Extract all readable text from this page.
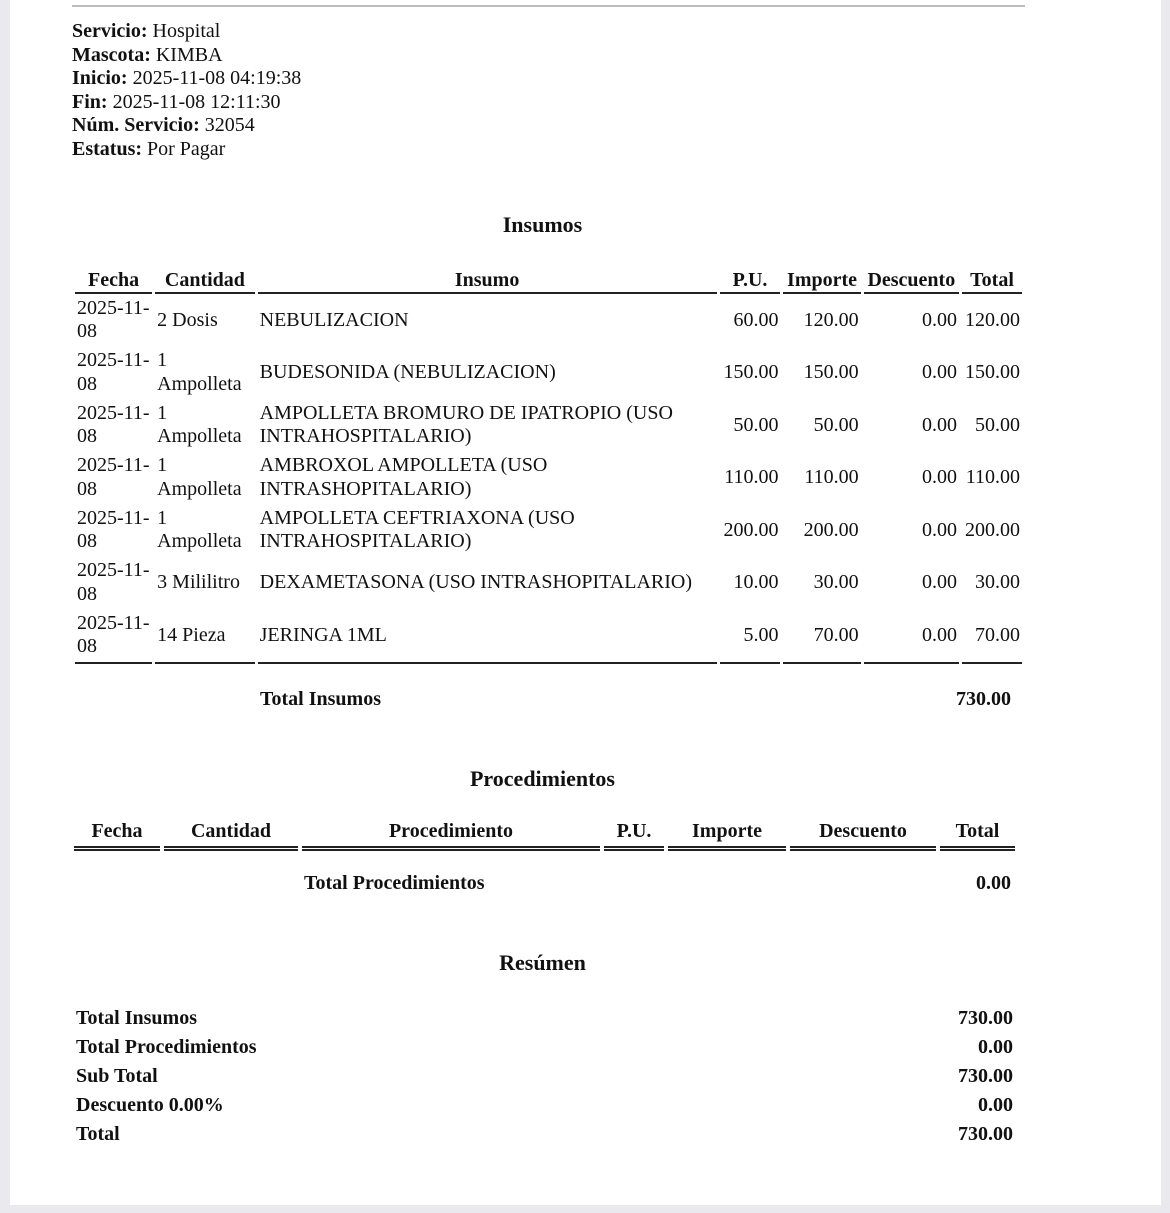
Servicio: Hospital
Mascota: KIMBA
Inicio: 2025-11-08 04:19:38
Fin: 2025-11-08 12:11:30
Núm. Servicio: 32054
Estatus: Por Pagar
Insumos
Fecha	Cantidad	Insumo	P.U.	Importe	Descuento	Total
2025-11-08	2 Dosis	NEBULIZACION	60.00	120.00	0.00	120.00
2025-11-08	1 Ampolleta	BUDESONIDA (NEBULIZACION)	150.00	150.00	0.00	150.00
2025-11-08	1 Ampolleta	AMPOLLETA BROMURO DE IPATROPIO (USO INTRAHOSPITALARIO)	50.00	50.00	0.00	50.00
2025-11-08	1 Ampolleta	AMBROXOL AMPOLLETA (USO INTRASHOPITALARIO)	110.00	110.00	0.00	110.00
2025-11-08	1 Ampolleta	AMPOLLETA CEFTRIAXONA (USO INTRAHOSPITALARIO)	200.00	200.00	0.00	200.00
2025-11-08	3 Mililitro	DEXAMETASONA (USO INTRASHOPITALARIO)	10.00	30.00	0.00	30.00
2025-11-08	14 Pieza	JERINGA 1ML	5.00	70.00	0.00	70.00
Total Insumos	730.00
Procedimientos
Fecha	Cantidad	Procedimiento	P.U.	Importe	Descuento	Total
Total Procedimientos	0.00
Resúmen
Total Insumos	730.00
Total Procedimientos	0.00
Sub Total	730.00
Descuento 0.00%	0.00
Total	730.00
